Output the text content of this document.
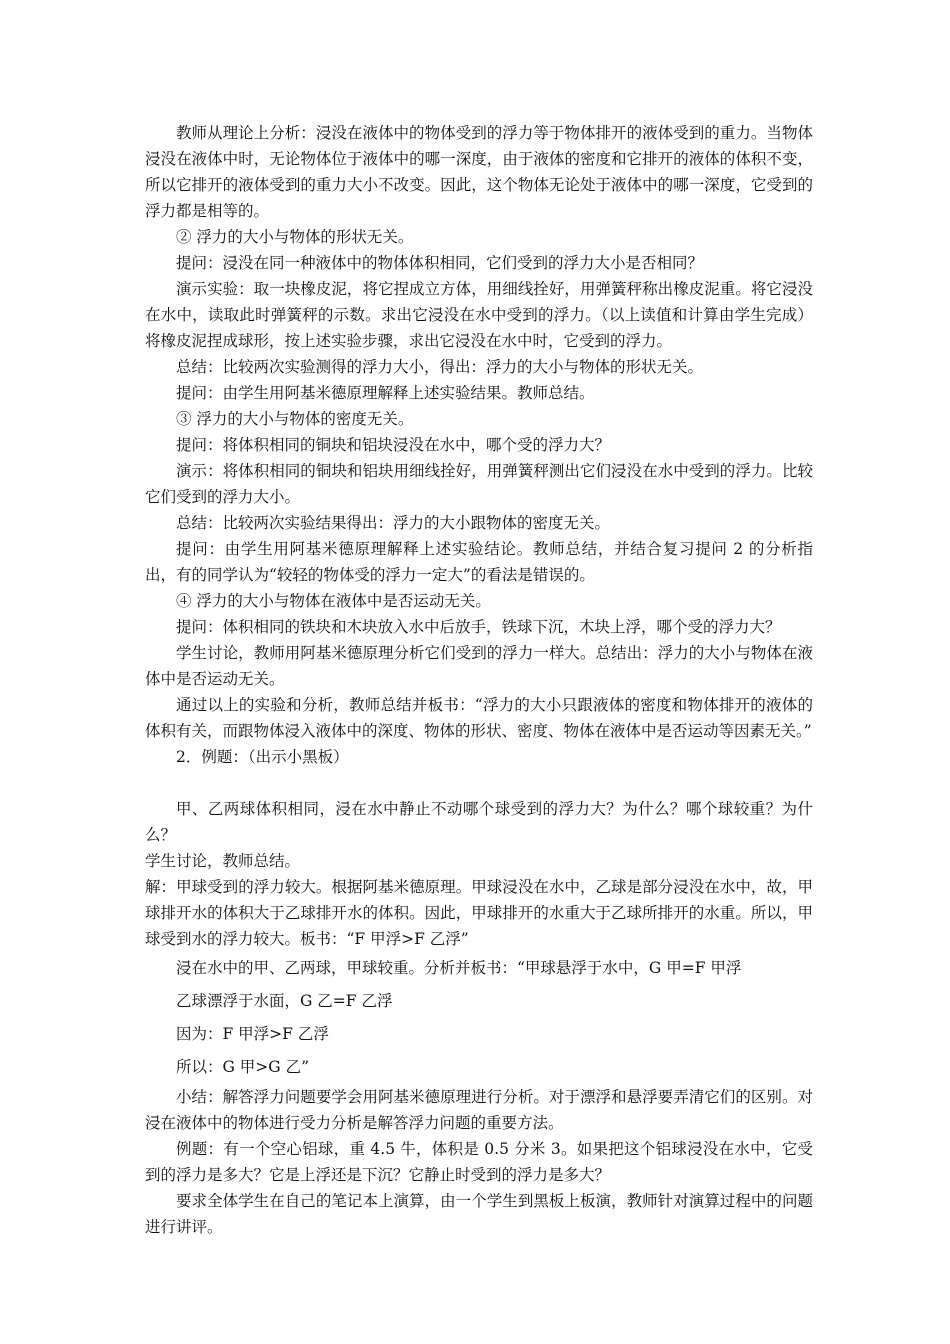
教师从理论上分析：浸没在液体中的物体受到的浮力等于物体排开的液体受到的重力。当物体浸没在液体中时，无论物体位于液体中的哪一深度，由于液体的密度和它排开的液体的体积不变，所以它排开的液体受到的重力大小不改变。因此，这个物体无论处于液体中的哪一深度，它受到的浮力都是相等的。

② 浮力的大小与物体的形状无关。

提问：浸没在同一种液体中的物体体积相同，它们受到的浮力大小是否相同？

演示实验：取一块橡皮泥，将它捏成立方体，用细线拴好，用弹簧秤称出橡皮泥重。将它浸没在水中，读取此时弹簧秤的示数。求出它浸没在水中受到的浮力。（以上读值和计算由学生完成）将橡皮泥捏成球形，按上述实验步骤，求出它浸没在水中时，它受到的浮力。

总结：比较两次实验测得的浮力大小，得出：浮力的大小与物体的形状无关。

提问：由学生用阿基米德原理解释上述实验结果。教师总结。

③ 浮力的大小与物体的密度无关。

提问：将体积相同的铜块和铝块浸没在水中，哪个受的浮力大？

演示：将体积相同的铜块和铝块用细线拴好，用弹簧秤测出它们浸没在水中受到的浮力。比较它们受到的浮力大小。

总结：比较两次实验结果得出：浮力的大小跟物体的密度无关。

提问：由学生用阿基米德原理解释上述实验结论。教师总结，并结合复习提问 2 的分析指出，有的同学认为“较轻的物体受的浮力一定大”的看法是错误的。

④ 浮力的大小与物体在液体中是否运动无关。

提问：体积相同的铁块和木块放入水中后放手，铁球下沉，木块上浮，哪个受的浮力大？

学生讨论，教师用阿基米德原理分析它们受到的浮力一样大。总结出：浮力的大小与物体在液体中是否运动无关。

通过以上的实验和分析，教师总结并板书：“浮力的大小只跟液体的密度和物体排开的液体的体积有关，而跟物体浸入液体中的深度、物体的形状、密度、物体在液体中是否运动等因素无关。”

2．例题：（出示小黑板）

甲、乙两球体积相同，浸在水中静止不动哪个球受到的浮力大？为什么？哪个球较重？为什么？

学生讨论，教师总结。

解：甲球受到的浮力较大。根据阿基米德原理。甲球浸没在水中，乙球是部分浸没在水中，故，甲球排开水的体积大于乙球排开水的体积。因此，甲球排开的水重大于乙球所排开的水重。所以，甲球受到水的浮力较大。板书：“F 甲浮>F 乙浮”

浸在水中的甲、乙两球，甲球较重。分析并板书：“甲球悬浮于水中，G 甲=F 甲浮

乙球漂浮于水面，G 乙=F 乙浮

因为：F 甲浮>F 乙浮

所以：G 甲>G 乙”

小结：解答浮力问题要学会用阿基米德原理进行分析。对于漂浮和悬浮要弄清它们的区别。对浸在液体中的物体进行受力分析是解答浮力问题的重要方法。

例题：有一个空心铝球，重 4.5 牛，体积是 0.5 分米 3。如果把这个铝球浸没在水中，它受到的浮力是多大？它是上浮还是下沉？它静止时受到的浮力是多大？

要求全体学生在自己的笔记本上演算，由一个学生到黑板上板演，教师针对演算过程中的问题进行讲评。
